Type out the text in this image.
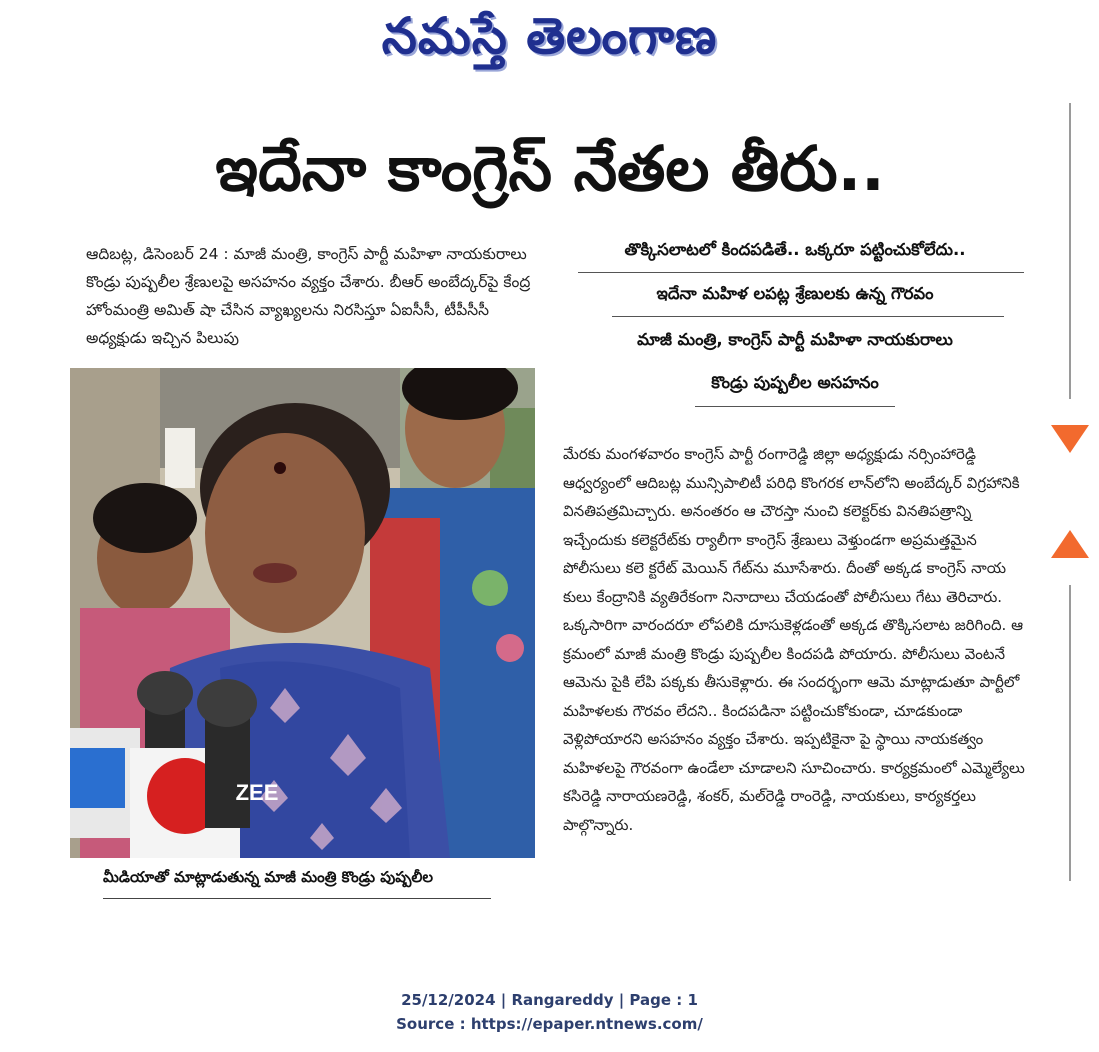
నమస్తే తెలంగాణ
ఇదేనా కాంగ్రెస్ నేతల తీరు..
ఆదిబట్ల, డిసెంబర్ 24 : మాజీ మంత్రి, కాంగ్రెస్ పార్టీ మహిళా నాయకురాలు కొండ్రు పుష్పలీల శ్రేణులపై అసహనం వ్యక్తం చేశారు. బీఆర్ అంబేద్కర్‌పై కేంద్ర హోంమంత్రి అమిత్ షా చేసిన వ్యాఖ్యలను నిరసిస్తూ ఏఐసీసీ, టీపీసీసీ అధ్యక్షుడు ఇచ్చిన పిలుపు
ZEE
మీడియాతో మాట్లాడుతున్న మాజీ మంత్రి కొండ్రు పుష్పలీల
తొక్కిసలాటలో కిందపడితే.. ఒక్కరూ పట్టించుకోలేదు..
ఇదేనా మహిళ లపట్ల శ్రేణులకు ఉన్న గౌరవం
మాజీ మంత్రి, కాంగ్రెస్ పార్టీ మహిళా నాయకురాలు
కొండ్రు పుష్పలీల అసహనం
మేరకు మంగళవారం కాంగ్రెస్ పార్టీ రంగారెడ్డి జిల్లా అధ్యక్షుడు నర్సింహారెడ్డి ఆధ్వర్యంలో ఆదిబట్ల మున్సిపాలిటీ పరిధి కొంగరక లాన్‌లోని అంబేద్కర్ విగ్రహానికి వినతిపత్రమిచ్చారు. అనంతరం ఆ చౌరస్తా నుంచి కలెక్టర్‌కు వినతిపత్రాన్ని ఇచ్చేందుకు కలెక్టరేట్‌కు ర్యాలీగా కాంగ్రెస్ శ్రేణులు వెళ్తుండగా అప్రమత్తమైన పోలీసులు కలె క్టరేట్ మెయిన్ గేట్‌ను మూసేశారు. దీంతో అక్కడ కాంగ్రెస్ నాయ కులు కేంద్రానికి వ్యతిరేకంగా నినాదాలు చేయడంతో పోలీసులు గేటు తెరిచారు. ఒక్కసారిగా వారందరూ లోపలికి దూసుకెళ్లడంతో అక్కడ తొక్కిసలాట జరిగింది. ఆ క్రమంలో మాజీ మంత్రి కొండ్రు పుష్పలీల కిందపడి పోయారు. పోలీసులు వెంటనే ఆమెను పైకి లేపి పక్కకు తీసుకెళ్లారు. ఈ సందర్భంగా ఆమె మాట్లాడుతూ పార్టీలో మహిళలకు గౌరవం లేదని.. కిందపడినా పట్టించుకోకుండా, చూడకుండా వెళ్లిపోయారని అసహనం వ్యక్తం చేశారు. ఇప్పటికైనా పై స్థాయి నాయకత్వం మహిళలపై గౌరవంగా ఉండేలా చూడాలని సూచించారు. కార్యక్రమంలో ఎమ్మెల్యేలు కసిరెడ్డి నారాయణరెడ్డి, శంకర్, మల్‌రెడ్డి రాంరెడ్డి, నాయకులు, కార్యకర్తలు పాల్గొన్నారు.
25/12/2024 | Rangareddy | Page : 1
Source : https://epaper.ntnews.com/
